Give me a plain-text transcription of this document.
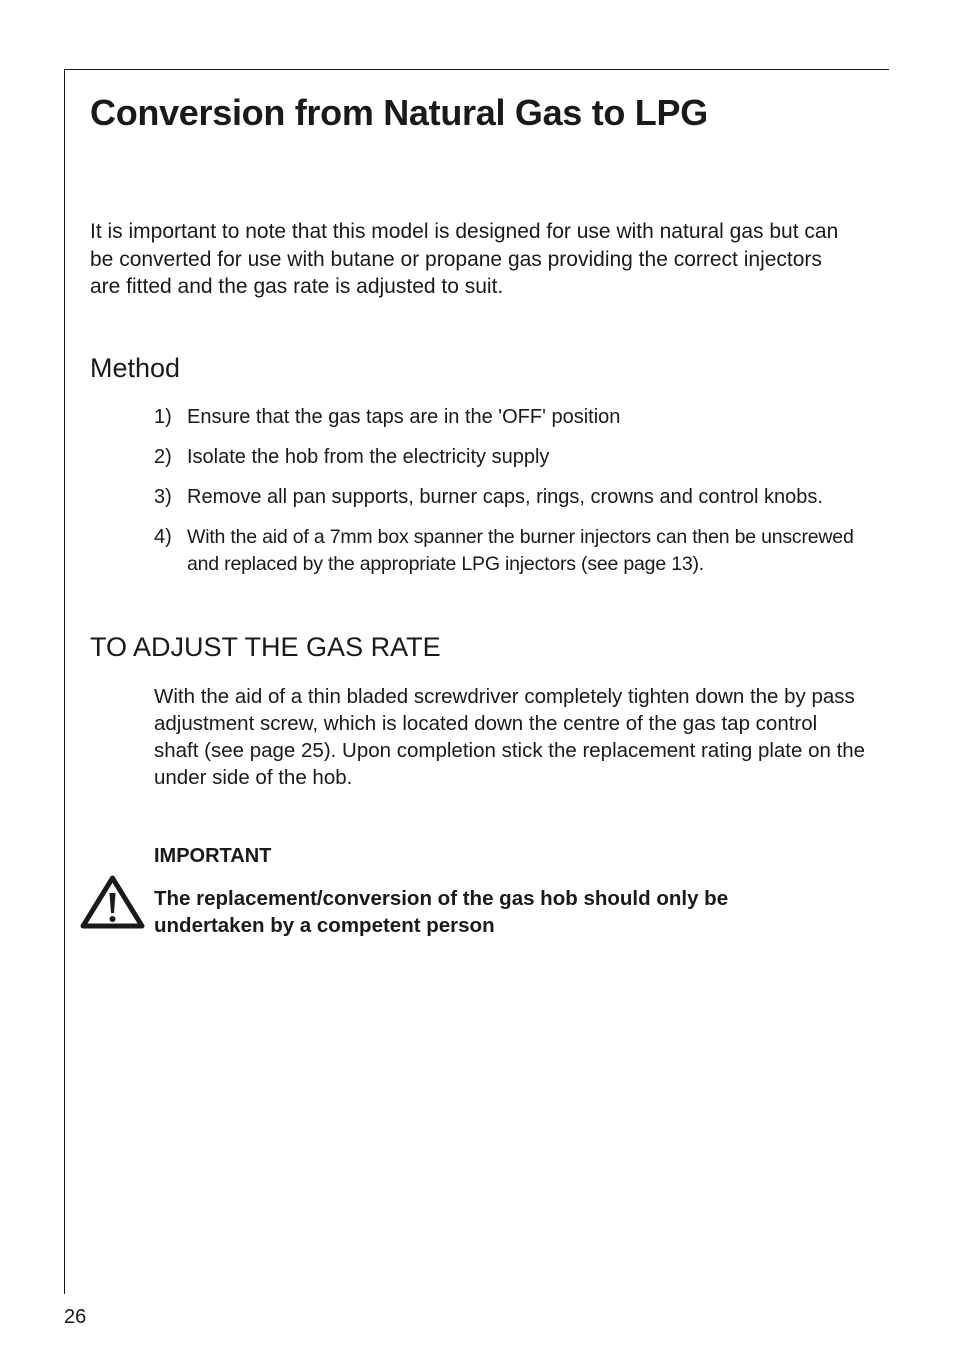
Conversion from Natural Gas to LPG

It is important to note that this model is designed for use with natural gas but can be converted for use with butane or propane gas providing the correct injectors are fitted and the gas rate is adjusted to suit.

Method
1) Ensure that the gas taps are in the 'OFF' position
2) Isolate the hob from the electricity supply
3) Remove all pan supports, burner caps, rings, crowns and control knobs.
4) With the aid of a 7mm box spanner the burner injectors can then be unscrewed and replaced by the appropriate LPG injectors (see page 13).
TO ADJUST THE GAS RATE

With the aid of a thin bladed screwdriver completely tighten down the by pass adjustment screw, which is located down the centre of the gas tap control shaft (see page 25). Upon completion stick the replacement rating plate on the under side of the hob.

IMPORTANT

The replacement/conversion of the gas hob should only be undertaken by a competent person

26
